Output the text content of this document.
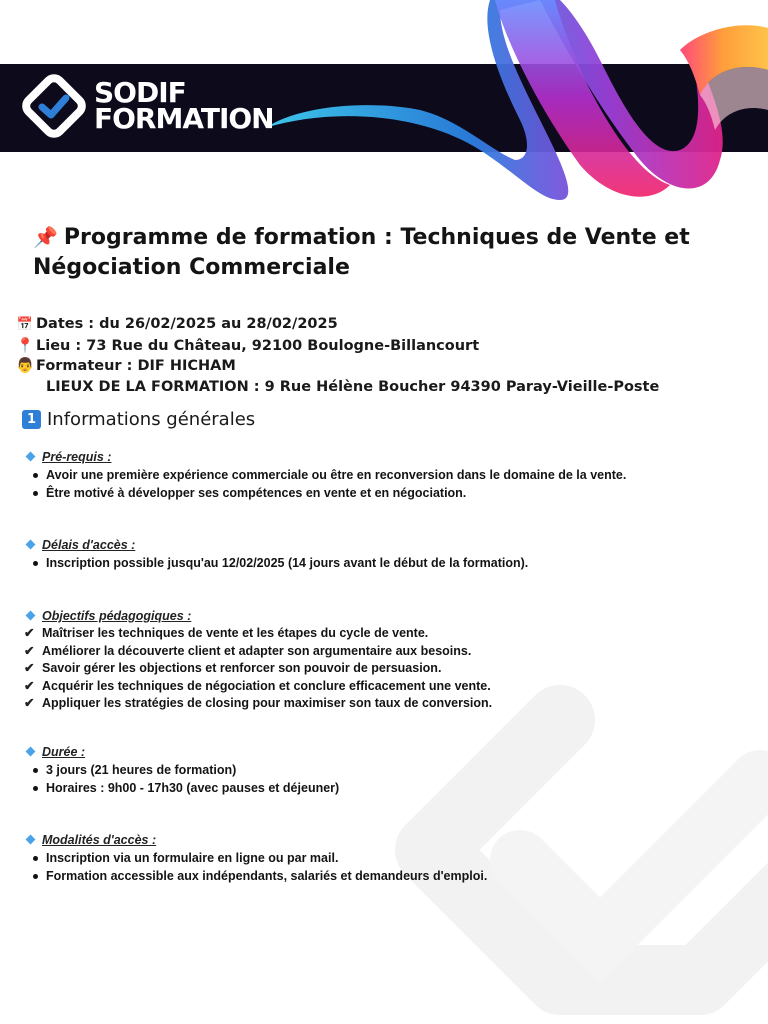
SODIF
FORMATION
📌 Programme de formation : Techniques de Vente et Négociation Commerciale
📅 Dates : du 26/02/2025 au 28/02/2025
📍 Lieu : 73 Rue du Château, 92100 Boulogne-Billancourt
👨 Formateur : DIF HICHAM
LIEUX DE LA FORMATION : 9 Rue Hélène Boucher 94390 Paray-Vieille-Poste
1 Informations générales
Pré-requis :
Avoir une première expérience commerciale ou être en reconversion dans le domaine de la vente.
Être motivé à développer ses compétences en vente et en négociation.
Délais d'accès :
Inscription possible jusqu'au 12/02/2025 (14 jours avant le début de la formation).
Objectifs pédagogiques :
✔ Maîtriser les techniques de vente et les étapes du cycle de vente.
✔ Améliorer la découverte client et adapter son argumentaire aux besoins.
✔ Savoir gérer les objections et renforcer son pouvoir de persuasion.
✔ Acquérir les techniques de négociation et conclure efficacement une vente.
✔ Appliquer les stratégies de closing pour maximiser son taux de conversion.
Durée :
3 jours (21 heures de formation)
Horaires : 9h00 - 17h30 (avec pauses et déjeuner)
Modalités d'accès :
Inscription via un formulaire en ligne ou par mail.
Formation accessible aux indépendants, salariés et demandeurs d'emploi.
